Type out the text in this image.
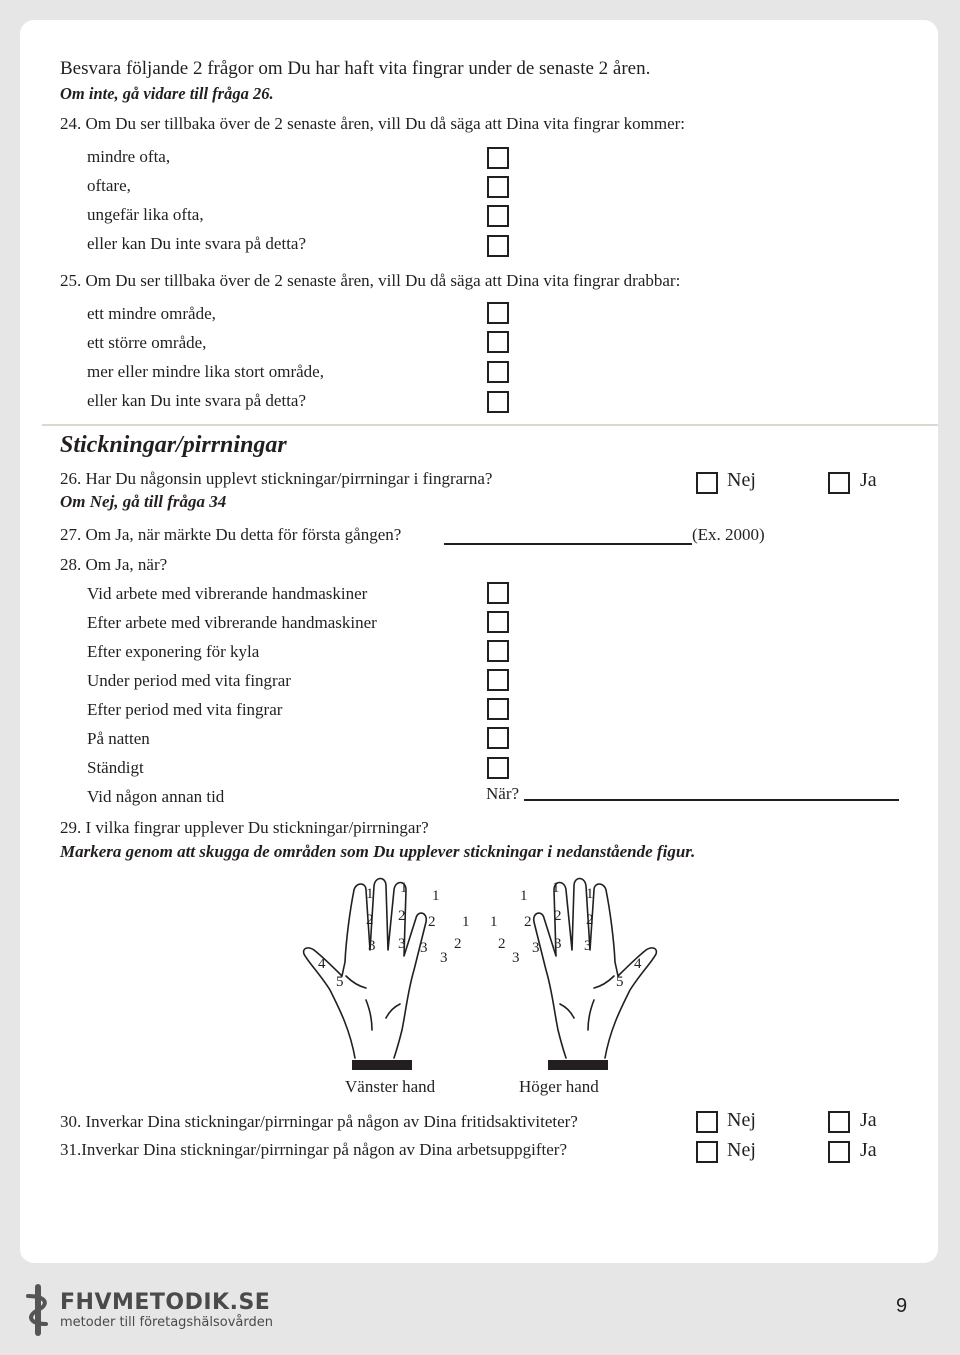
Besvara följande 2 frågor om Du har haft vita fingrar under de senaste 2 åren.
Om inte, gå vidare till fråga 26.
24. Om Du ser tillbaka över de 2 senaste åren, vill Du då säga att Dina vita fingrar kommer:
mindre ofta,
oftare,
ungefär lika ofta,
eller kan Du inte svara på detta?
25. Om Du ser tillbaka över de 2 senaste åren, vill Du då säga att Dina vita fingrar drabbar:
ett mindre område,
ett större område,
mer eller mindre lika stort område,
eller kan Du inte svara på detta?
Stickningar/pirrningar
26. Har Du någonsin upplevt stickningar/pirrningar i fingrarna?
Om Nej, gå till fråga 34
Nej	Ja
27. Om Ja, när märkte Du detta för första gången?	(Ex. 2000)
28. Om Ja, när?
Vid arbete med vibrerande handmaskiner
Efter arbete med vibrerande handmaskiner
Efter exponering för kyla
Under period med vita fingrar
Efter period med vita fingrar
På natten
Ständigt
Vid någon annan tid	När?
29. I vilka fingrar upplever Du stickningar/pirrningar?
Markera genom att skugga de områden som Du upplever stickningar i nedanstående figur.
1
2
3
1
2
3
1
2
3
1
2
3
4
5
1
2
3
1
2
3
1
2
3
1
2
3	4
5
Vänster hand	Höger hand
30. Inverkar Dina stickningar/pirrningar på någon av Dina fritidsaktiviteter?	Nej	Ja
31.Inverkar Dina stickningar/pirrningar på någon av Dina arbetsuppgifter?	Nej	Ja
FHVMETODIK.SE
metoder till företagshälsovården
9
